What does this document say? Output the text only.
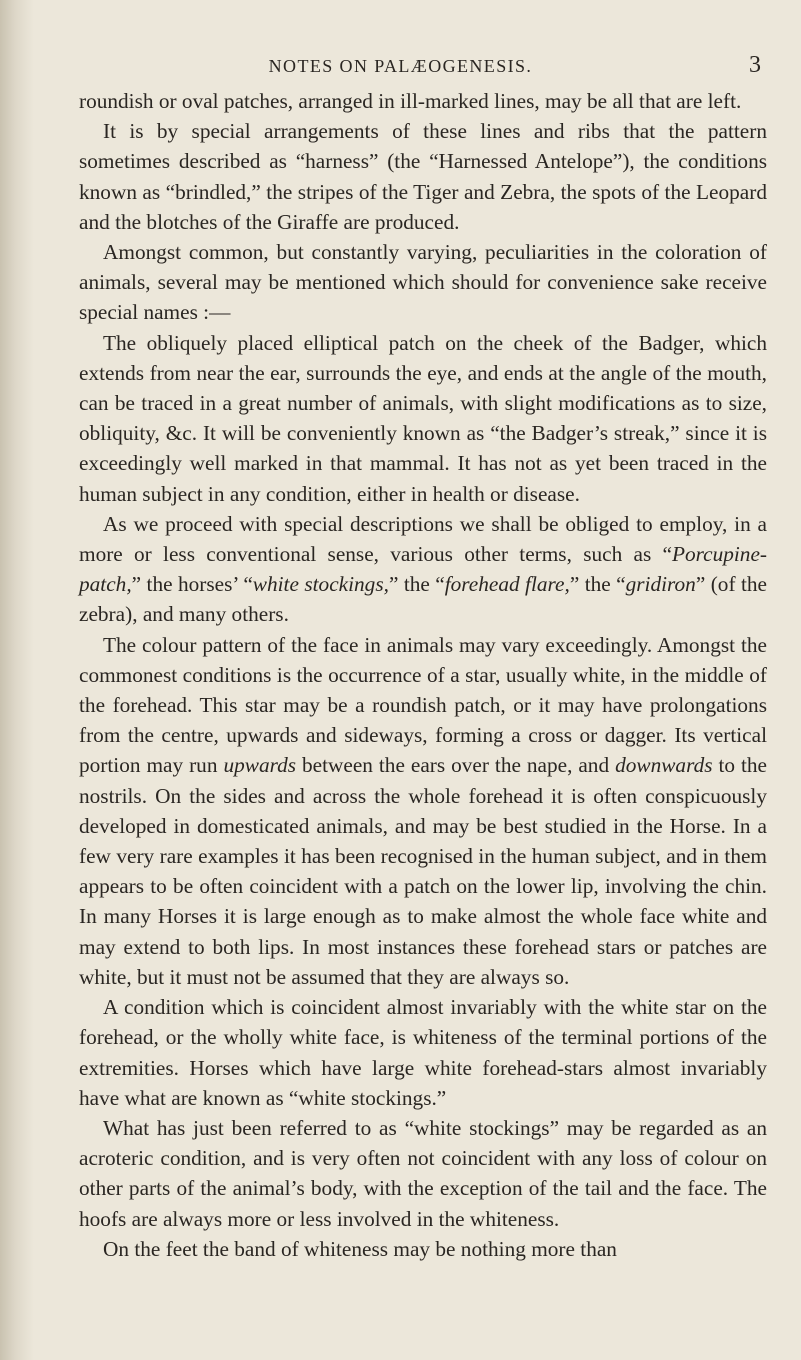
NOTES ON PALÆOGENESIS.	3

roundish or oval patches, arranged in ill-marked lines, may be all that are left.

It is by special arrangements of these lines and ribs that the pattern sometimes described as “harness” (the “Harnessed Antelope”), the conditions known as “brindled,” the stripes of the Tiger and Zebra, the spots of the Leopard and the blotches of the Giraffe are produced.

Amongst common, but constantly varying, peculiarities in the coloration of animals, several may be mentioned which should for convenience sake receive special names :—

The obliquely placed elliptical patch on the cheek of the Badger, which extends from near the ear, surrounds the eye, and ends at the angle of the mouth, can be traced in a great number of animals, with slight modifications as to size, obliquity, &c. It will be conveniently known as “the Badger’s streak,” since it is exceedingly well marked in that mammal. It has not as yet been traced in the human subject in any condition, either in health or disease.

As we proceed with special descriptions we shall be obliged to employ, in a more or less conventional sense, various other terms, such as “Porcupine-patch,” the horses’ “white stockings,” the “forehead flare,” the “gridiron” (of the zebra), and many others.

The colour pattern of the face in animals may vary exceedingly. Amongst the commonest conditions is the occurrence of a star, usually white, in the middle of the forehead. This star may be a roundish patch, or it may have prolongations from the centre, upwards and sideways, forming a cross or dagger. Its vertical portion may run upwards between the ears over the nape, and downwards to the nostrils. On the sides and across the whole forehead it is often conspicuously developed in domesticated animals, and may be best studied in the Horse. In a few very rare examples it has been recognised in the human subject, and in them appears to be often coincident with a patch on the lower lip, involving the chin. In many Horses it is large enough as to make almost the whole face white and may extend to both lips. In most instances these forehead stars or patches are white, but it must not be assumed that they are always so.

A condition which is coincident almost invariably with the white star on the forehead, or the wholly white face, is whiteness of the terminal portions of the extremities. Horses which have large white forehead-stars almost invariably have what are known as “white stockings.”

What has just been referred to as “white stockings” may be regarded as an acroteric condition, and is very often not coincident with any loss of colour on other parts of the animal’s body, with the exception of the tail and the face. The hoofs are always more or less involved in the whiteness.

On the feet the band of whiteness may be nothing more than
